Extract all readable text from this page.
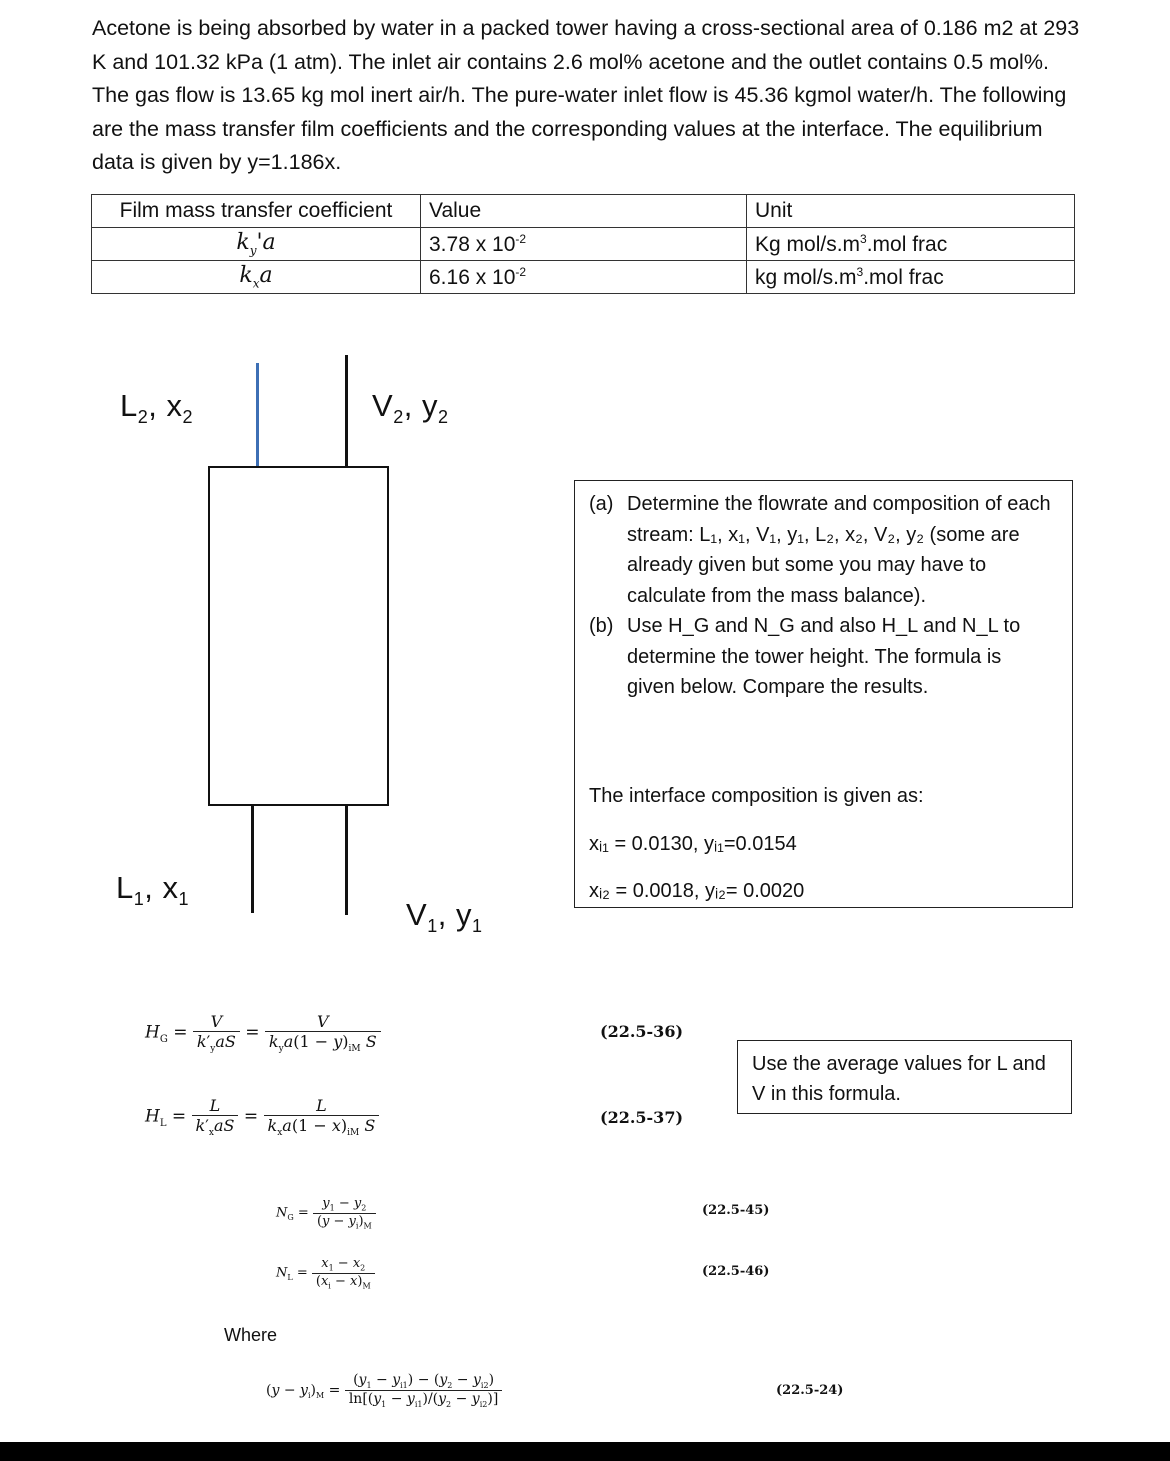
Acetone is being absorbed by water in a packed tower having a cross-sectional area of 0.186 m2 at 293 K and 101.32 kPa (1 atm). The inlet air contains 2.6 mol% acetone and the outlet contains 0.5 mol%. The gas flow is 13.65 kg mol inert air/h. The pure-water inlet flow is 45.36 kgmol water/h. The following are the mass transfer film coefficients and the corresponding values at the interface. The equilibrium data is given by y=1.186x.

Film mass transfer coefficient	Value	Unit
$k_y'a$	3.78 x $10^{-2}$	Kg mol/$s.m^3.mol$ frac
$k_xa$	6.16 x $10^{-2}$	kg mol/$s.m^3.mol$ frac
$L_2$, $x_2$	$V_2$, $y_2$
$L_1$, $x_1$	$V_1$, $y_1$
(a) Determine the flowrate and composition of each stream: L₁, x₁, V₁, y₁, L₂, x₂, V₂, y₂ (some are already given but some you may have to calculate from the mass balance).
(b) Use H_G and N_G and also H_L and N_L to determine the tower height. The formula is given below. Compare the results.
The interface composition is given as:
xᵢ₁ = 0.0130, yᵢ₁=0.0154
xᵢ₂ = 0.0018, yᵢ₂= 0.0020
$H_G = \frac{V}{k'_yaS} = \frac{V}{k_ya(1 - y)_{iM} S}$
$H_L = \frac{L}{k'_xaS} = \frac{L}{k_xa(1 - x)_{iM} S}$
(22.5-36)
(22.5-37)
Use the average values for L and V in this formula.
$N_G = \frac{y_1 - y_2}{(y - y_i)_M}$
$N_L = \frac{x_1 - x_2}{(x_i - x)_M}$
(22.5-45)
(22.5-46)
Where
$(y - y_i)_M = \frac{(y_1 - y_{i1}) - (y_2 - y_{i2})}{\ln[(y_1 - y_{i1})/(y_2 - y_{i2})]}$	(22.5-24)
